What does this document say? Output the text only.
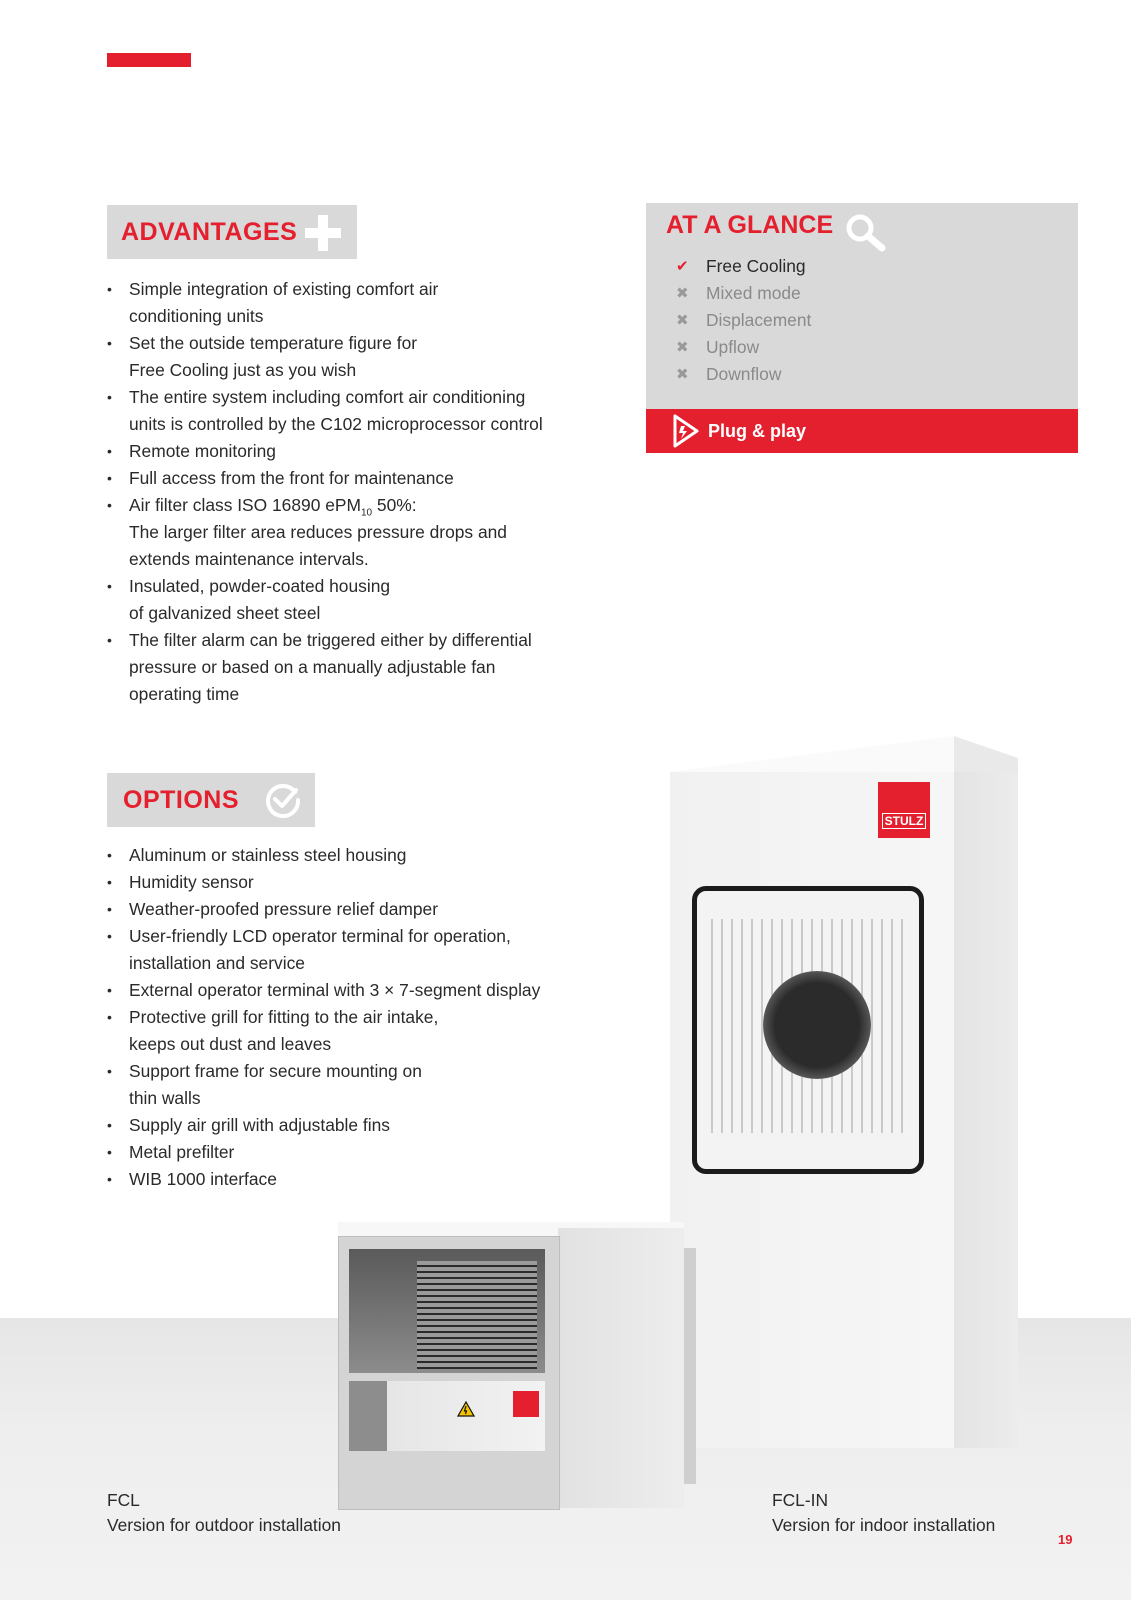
ADVANTAGES
• Simple integration of existing comfort air
conditioning units
• Set the outside temperature figure for
Free Cooling just as you wish
• The entire system including comfort air conditioning
units is controlled by the C102 microprocessor control
• Remote monitoring
• Full access from the front for maintenance
• Air filter class ISO 16890 ePM$_{10}$ 50%:
The larger filter area reduces pressure drops and
extends maintenance intervals.
• Insulated, powder-coated housing
of galvanized sheet steel
• The filter alarm can be triggered either by differential
pressure or based on a manually adjustable fan
operating time
OPTIONS
• Aluminum or stainless steel housing
• Humidity sensor
• Weather-proofed pressure relief damper
• User-friendly LCD operator terminal for operation,
installation and service
• External operator terminal with 3 × 7-segment display
• Protective grill for fitting to the air intake,
keeps out dust and leaves
• Support frame for secure mounting on
thin walls
• Supply air grill with adjustable fins
• Metal prefilter
• WIB 1000 interface
AT A GLANCE
✔ Free Cooling
✖ Mixed mode
✖ Displacement
✖ Upflow
✖ Downflow
Plug & play
STULZ
FCL
Version for outdoor installation
FCL-IN
Version for indoor installation
19
